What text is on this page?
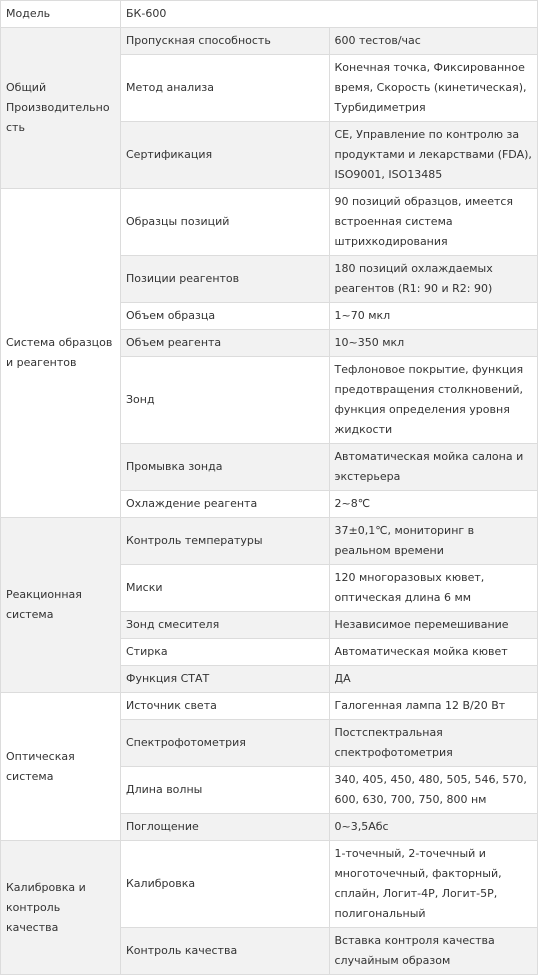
Модель	БК-600	
Общий Производительность	Пропускная способность	600 тестов/час
	Метод анализа	Конечная точка, Фиксированное время, Скорость (кинетическая), Турбидиметрия
	Сертификация	CE, Управление по контролю за продуктами и лекарствами (FDA), ISO9001, ISO13485
Система образцов и реагентов	Образцы позиций	90 позиций образцов, имеется встроенная система штрихкодирования
	Позиции реагентов	180 позиций охлаждаемых реагентов (R1: 90 и R2: 90)
	Объем образца	1~70 мкл
	Объем реагента	10~350 мкл
	Зонд	Тефлоновое покрытие, функция предотвращения столкновений, функция определения уровня жидкости
	Промывка зонда	Автоматическая мойка салона и экстерьера
	Охлаждение реагента	2~8℃
Реакционная система	Контроль температуры	37±0,1℃, мониторинг в реальном времени
	Миски	120 многоразовых кювет, оптическая длина 6 мм
	Зонд смесителя	Независимое перемешивание
	Стирка	Автоматическая мойка кювет
	Функция СТАТ	ДА
Оптическая система	Источник света	Галогенная лампа 12 В/20 Вт
	Спектрофотометрия	Постспектральная спектрофотометрия
	Длина волны	340, 405, 450, 480, 505, 546, 570, 600, 630, 700, 750, 800 нм
	Поглощение	0~3,5Абс
Калибровка и контроль качества	Калибровка	1-точечный, 2-точечный и многоточечный, факторный, сплайн, Логит-4Р, Логит-5Р, полигональный
	Контроль качества	Вставка контроля качества случайным образом
